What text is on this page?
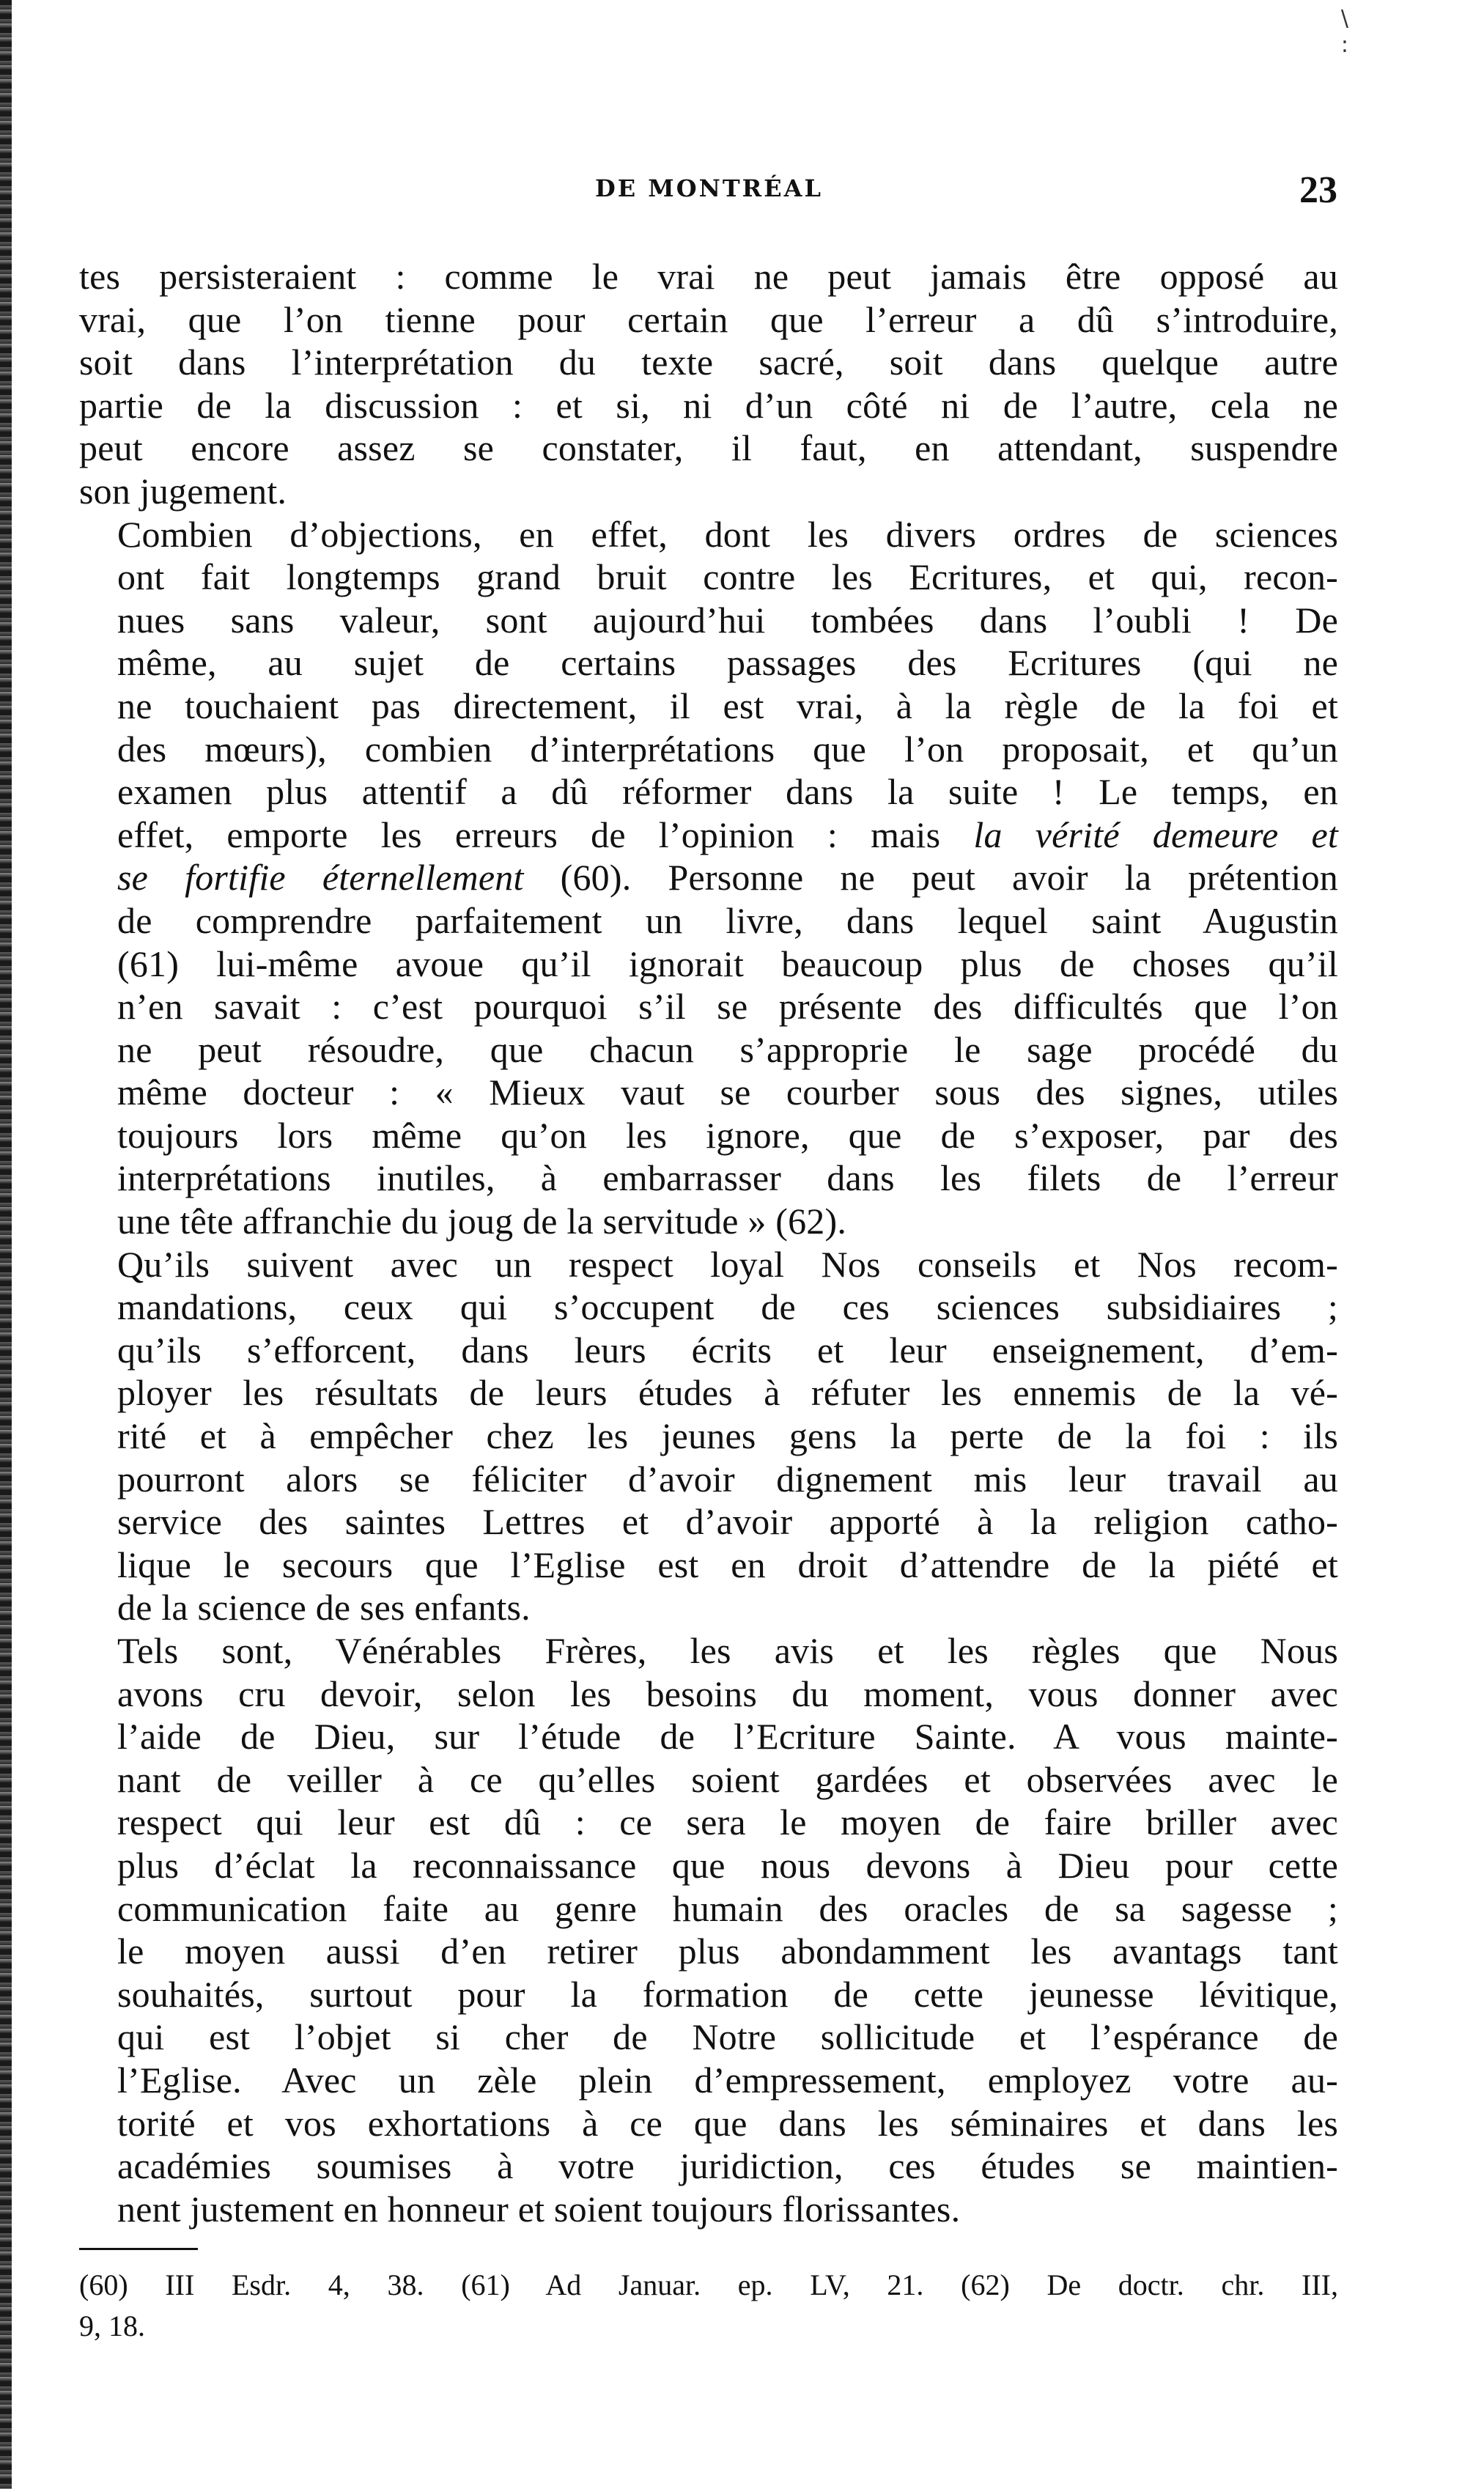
\
:
DE MONTRÉAL	23

tes persisteraient : comme le vrai ne peut jamais être opposé au
vrai, que l’on tienne pour certain que l’erreur a dû s’introduire,
soit dans l’interprétation du texte sacré, soit dans quelque autre
partie de la discussion : et si, ni d’un côté ni de l’autre, cela ne
peut encore assez se constater, il faut, en attendant, suspendre
son jugement.

Combien d’objections, en effet, dont les divers ordres de sciences
ont fait longtemps grand bruit contre les Ecritures, et qui, recon-
nues sans valeur, sont aujourd’hui tombées dans l’oubli ! De
même, au sujet de certains passages des Ecritures (qui ne
ne touchaient pas directement, il est vrai, à la règle de la foi et
des mœurs), combien d’interprétations que l’on proposait, et qu’un
examen plus attentif a dû réformer dans la suite ! Le temps, en
effet, emporte les erreurs de l’opinion : mais la vérité demeure et
se fortifie éternellement (60). Personne ne peut avoir la prétention
de comprendre parfaitement un livre, dans lequel saint Augustin
(61) lui-même avoue qu’il ignorait beaucoup plus de choses qu’il
n’en savait : c’est pourquoi s’il se présente des difficultés que l’on
ne peut résoudre, que chacun s’approprie le sage procédé du
même docteur : « Mieux vaut se courber sous des signes, utiles
toujours lors même qu’on les ignore, que de s’exposer, par des
interprétations inutiles, à embarrasser dans les filets de l’erreur
une tête affranchie du joug de la servitude » (62).

Qu’ils suivent avec un respect loyal Nos conseils et Nos recom-
mandations, ceux qui s’occupent de ces sciences subsidiaires ;
qu’ils s’efforcent, dans leurs écrits et leur enseignement, d’em-
ployer les résultats de leurs études à réfuter les ennemis de la vé-
rité et à empêcher chez les jeunes gens la perte de la foi : ils
pourront alors se féliciter d’avoir dignement mis leur travail au
service des saintes Lettres et d’avoir apporté à la religion catho-
lique le secours que l’Eglise est en droit d’attendre de la piété et
de la science de ses enfants.

Tels sont, Vénérables Frères, les avis et les règles que Nous
avons cru devoir, selon les besoins du moment, vous donner avec
l’aide de Dieu, sur l’étude de l’Ecriture Sainte. A vous mainte-
nant de veiller à ce qu’elles soient gardées et observées avec le
respect qui leur est dû : ce sera le moyen de faire briller avec
plus d’éclat la reconnaissance que nous devons à Dieu pour cette
communication faite au genre humain des oracles de sa sagesse ;
le moyen aussi d’en retirer plus abondamment les avantags tant
souhaités, surtout pour la formation de cette jeunesse lévitique,
qui est l’objet si cher de Notre sollicitude et l’espérance de
l’Eglise. Avec un zèle plein d’empressement, employez votre au-
torité et vos exhortations à ce que dans les séminaires et dans les
académies soumises à votre juridiction, ces études se maintien-
nent justement en honneur et soient toujours florissantes.

(60) III Esdr. 4, 38. (61) Ad Januar. ep. LV, 21. (62) De doctr. chr. III,
9, 18.
